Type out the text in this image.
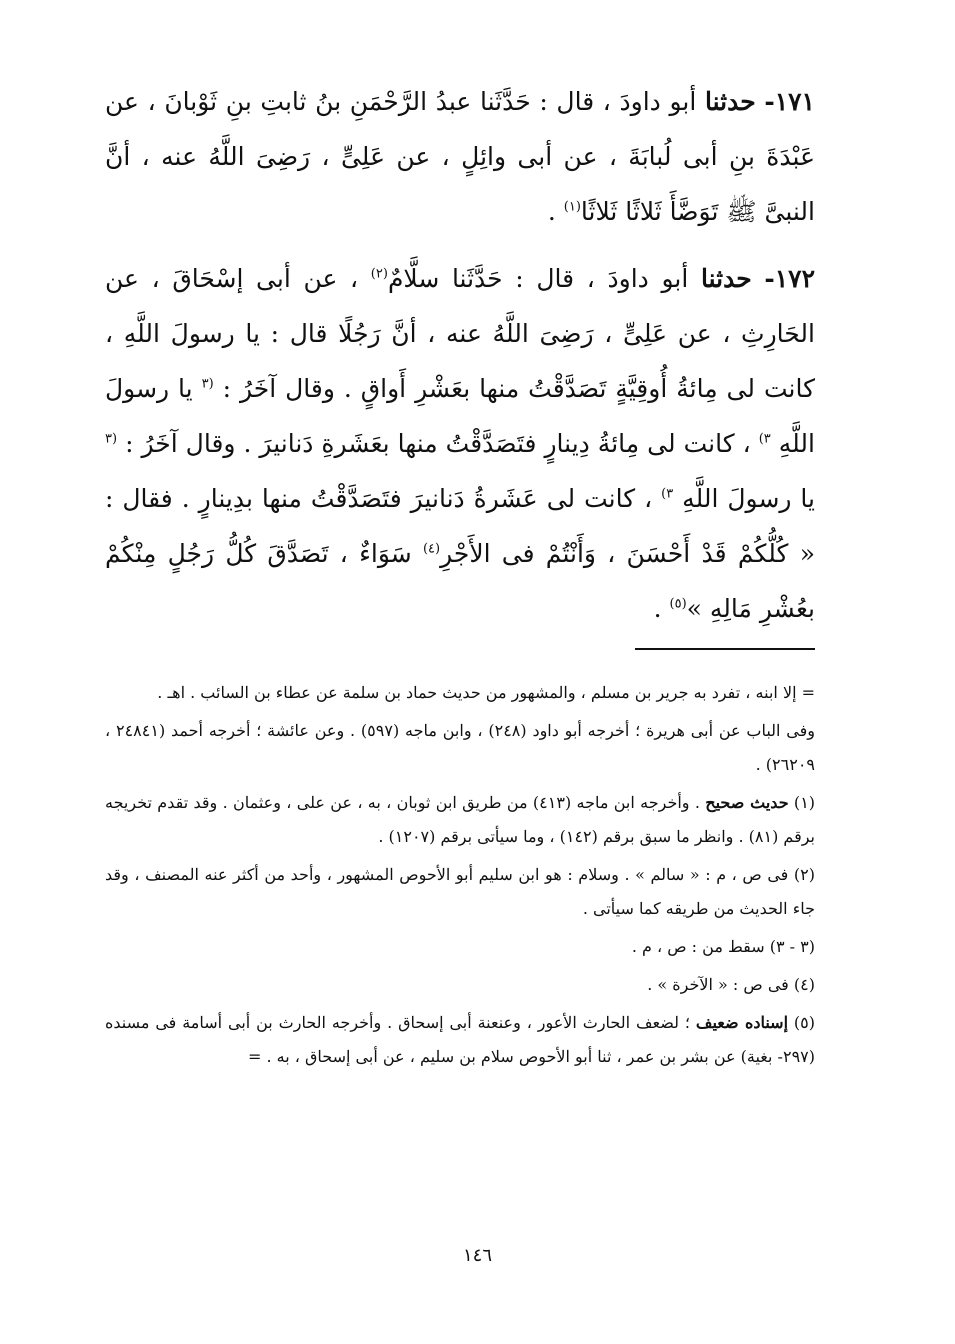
١٧١- حدثنا أبو داودَ ، قال : حَدَّثَنا عبدُ الرَّحْمَنِ بنُ ثابتِ بنِ ثَوْبانَ ، عن عَبْدَةَ بنِ أبى لُبابَةَ ، عن أبى وائِلٍ ، عن عَلِىٍّ ، رَضِىَ اللَّهُ عنه ، أنَّ النبىَّ ﷺ تَوَضَّأَ ثَلاثًا ثَلاثًا$^{(١)}$ .

١٧٢- حدثنا أبو داودَ ، قال : حَدَّثَنا سلَّامٌ$^{(٢)}$ ، عن أبى إسْحَاقَ ، عن الحَارِثِ ، عن عَلِىٍّ ، رَضِىَ اللَّهُ عنه ، أنَّ رَجُلًا قال : يا رسولَ اللَّهِ ، كانت لى مِائةُ أُوقِيَّةٍ تَصَدَّقْتُ منها بعَشْرِ أَواقٍ . وقال آخَرُ : $^{(٣}$ يا رسولَ اللَّهِ $^{٣)}$ ، كانت لى مِائةُ دِينارٍ فتَصَدَّقْتُ منها بعَشَرةِ دَنانيرَ . وقال آخَرُ : $^{(٣}$ يا رسولَ اللَّهِ $^{٣)}$ ، كانت لى عَشَرةُ دَنانيرَ فتَصَدَّقْتُ منها بدِينارٍ . فقال : « كُلُّكُمْ قَدْ أَحْسَنَ ، وَأَنْتُمْ فى الأَجْرِ$^{(٤)}$ سَوَاءٌ ، تَصَدَّقَ كُلُّ رَجُلٍ مِنْكُمْ بعُشْرِ مَالِهِ »$^{(٥)}$ .

= إلا ابنه ، تفرد به جرير بن مسلم ، والمشهور من حديث حماد بن سلمة عن عطاء بن السائب . اهـ .

وفى الباب عن أبى هريرة ؛ أخرجه أبو داود (٢٤٨) ، وابن ماجه (٥٩٧) . وعن عائشة ؛ أخرجه أحمد (٢٤٨٤١ ، ٢٦٢٠٩) .

(١) حديث صحيح . وأخرجه ابن ماجه (٤١٣) من طريق ابن ثوبان ، به ، عن على ، وعثمان . وقد تقدم تخريجه برقم (٨١) . وانظر ما سبق برقم (١٤٢) ، وما سيأتى برقم (١٢٠٧) .

(٢) فى ص ، م : « سالم » . وسلام : هو ابن سليم أبو الأحوص المشهور ، وأحد من أكثر عنه المصنف ، وقد جاء الحديث من طريقه كما سيأتى .

(٣ - ٣) سقط من : ص ، م .

(٤) فى ص : « الآخرة » .

(٥) إسناده ضعيف ؛ لضعف الحارث الأعور ، وعنعنة أبى إسحاق . وأخرجه الحارث بن أبى أسامة فى مسنده (٢٩٧- بغية) عن بشر بن عمر ، ثنا أبو الأحوص سلام بن سليم ، عن أبى إسحاق ، به . =

١٤٦
